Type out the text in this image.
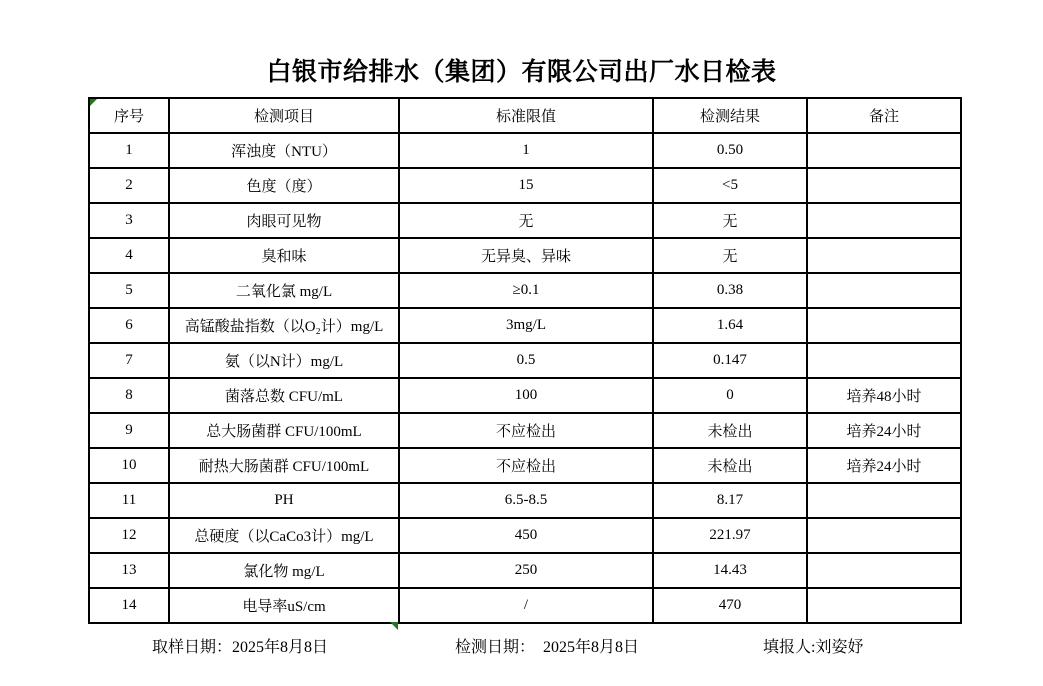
白银市给排水（集团）有限公司出厂水日检表
序号	检测项目	标准限值	检测结果	备注
1	浑浊度（NTU）	1	0.50	
2	色度（度）	15	<5	
3	肉眼可见物	无	无	
4	臭和味	无异臭、异味	无	
5	二氧化氯 mg/L	≥0.1	0.38	
6	高锰酸盐指数（以O₂计）mg/L	3mg/L	1.64	
7	氨（以N计）mg/L	0.5	0.147	
8	菌落总数 CFU/mL	100	0	培养48小时
9	总大肠菌群 CFU/100mL	不应检出	未检出	培养24小时
10	耐热大肠菌群 CFU/100mL	不应检出	未检出	培养24小时
11	PH	6.5-8.5	8.17	
12	总硬度（以CaCo3计）mg/L	450	221.97	
13	氯化物 mg/L	250	14.43	
14	电导率uS/cm	/	470	
取样日期：2025年8月8日	检测日期： 2025年8月8日	填报人:刘姿妤
